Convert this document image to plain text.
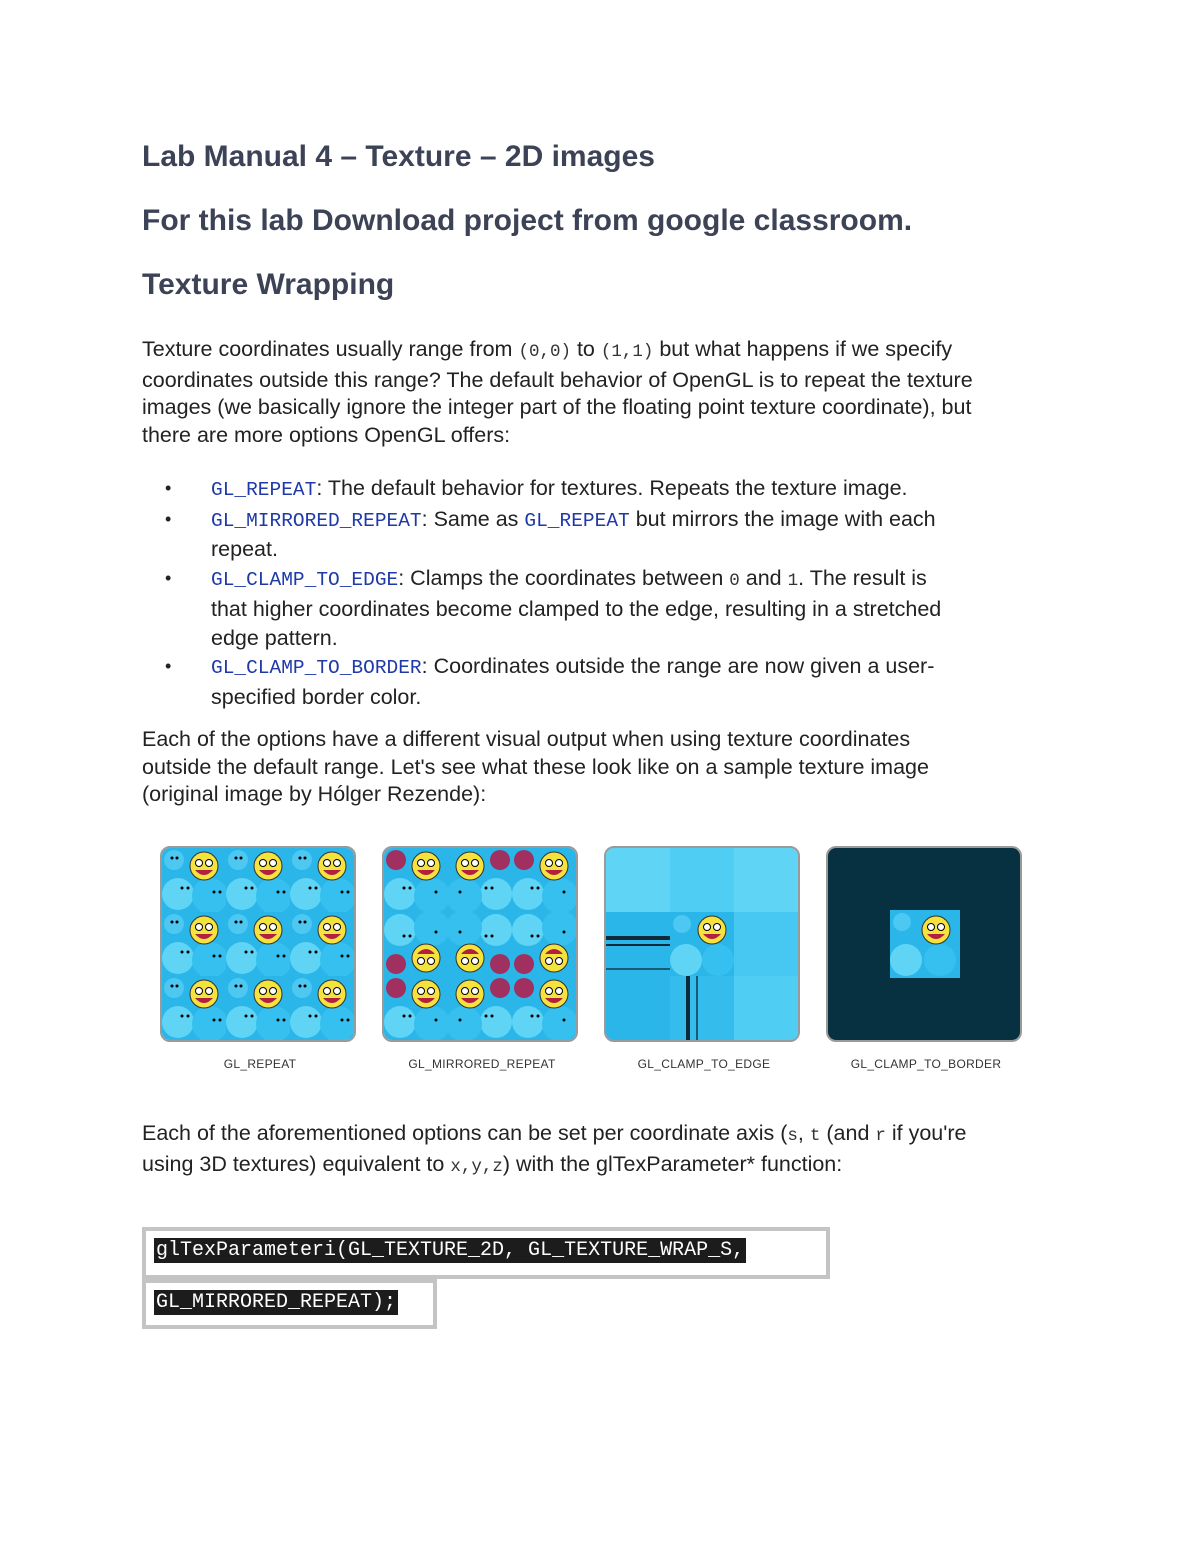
Lab Manual 4 – Texture – 2D images
For this lab Download project from google classroom.
Texture Wrapping
Texture coordinates usually range from (0,0) to (1,1) but what happens if we specify
coordinates outside this range? The default behavior of OpenGL is to repeat the texture
images (we basically ignore the integer part of the floating point texture coordinate), but
there are more options OpenGL offers:
• GL_REPEAT: The default behavior for textures. Repeats the texture image.
• GL_MIRRORED_REPEAT: Same as GL_REPEAT but mirrors the image with each
repeat.
• GL_CLAMP_TO_EDGE: Clamps the coordinates between 0 and 1. The result is
that higher coordinates become clamped to the edge, resulting in a stretched
edge pattern.
• GL_CLAMP_TO_BORDER: Coordinates outside the range are now given a user-
specified border color.
Each of the options have a different visual output when using texture coordinates
outside the default range. Let's see what these look like on a sample texture image
(original image by Hólger Rezende):
GL_REPEAT	GL_MIRRORED_REPEAT	GL_CLAMP_TO_EDGE	GL_CLAMP_TO_BORDER
Each of the aforementioned options can be set per coordinate axis (s, t (and r if you're
using 3D textures) equivalent to x,y,z) with the glTexParameter* function:
glTexParameteri(GL_TEXTURE_2D, GL_TEXTURE_WRAP_S,
GL_MIRRORED_REPEAT);
